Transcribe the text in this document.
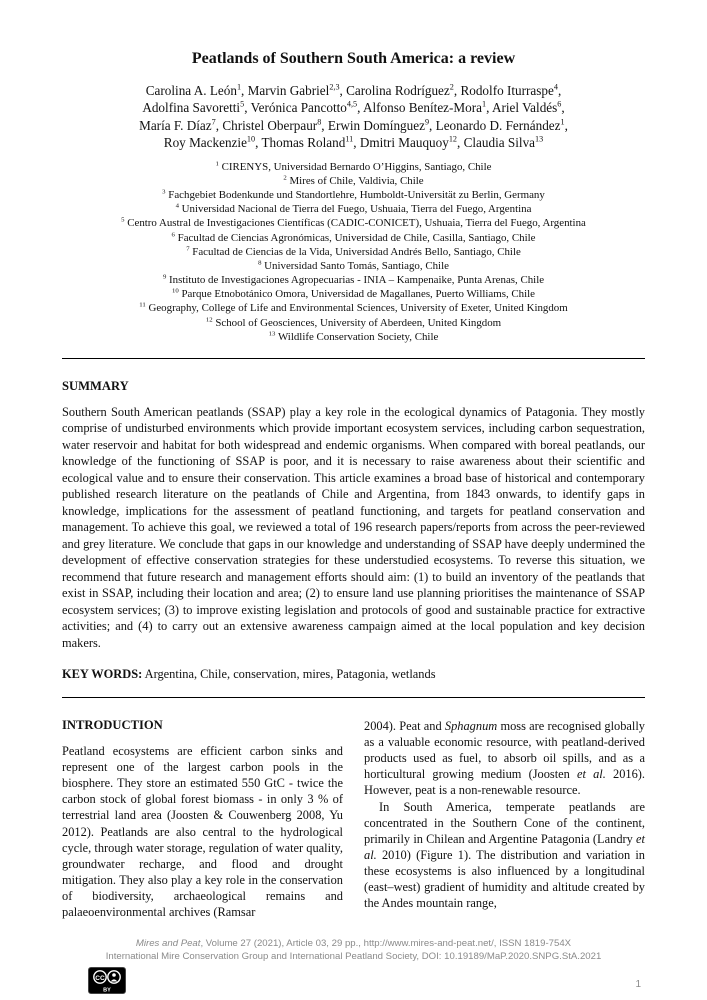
Peatlands of Southern South America: a review
Carolina A. León$^1$, Marvin Gabriel$^{2,3}$, Carolina Rodríguez$^2$, Rodolfo Iturraspe$^4$,
Adolfina Savoretti$^5$, Verónica Pancotto$^{4,5}$, Alfonso Benítez-Mora$^1$, Ariel Valdés$^6$,
María F. Díaz$^7$, Christel Oberpaur$^8$, Erwin Domínguez$^9$, Leonardo D. Fernández$^1$,
Roy Mackenzie$^{10}$, Thomas Roland$^{11}$, Dmitri Mauquoy$^{12}$, Claudia Silva$^{13}$
$^1$ CIRENYS, Universidad Bernardo O’Higgins, Santiago, Chile
$^2$ Mires of Chile, Valdivia, Chile
$^3$ Fachgebiet Bodenkunde und Standortlehre, Humboldt-Universität zu Berlin, Germany
$^4$ Universidad Nacional de Tierra del Fuego, Ushuaia, Tierra del Fuego, Argentina
$^5$ Centro Austral de Investigaciones Científicas (CADIC-CONICET), Ushuaia, Tierra del Fuego, Argentina
$^6$ Facultad de Ciencias Agronómicas, Universidad de Chile, Casilla, Santiago, Chile
$^7$ Facultad de Ciencias de la Vida, Universidad Andrés Bello, Santiago, Chile
$^8$ Universidad Santo Tomás, Santiago, Chile
$^9$ Instituto de Investigaciones Agropecuarias - INIA – Kampenaike, Punta Arenas, Chile
$^{10}$ Parque Etnobotánico Omora, Universidad de Magallanes, Puerto Williams, Chile
$^{11}$ Geography, College of Life and Environmental Sciences, University of Exeter, United Kingdom
$^{12}$ School of Geosciences, University of Aberdeen, United Kingdom
$^{13}$ Wildlife Conservation Society, Chile
SUMMARY

Southern South American peatlands (SSAP) play a key role in the ecological dynamics of Patagonia. They mostly comprise of undisturbed environments which provide important ecosystem services, including carbon sequestration, water reservoir and habitat for both widespread and endemic organisms. When compared with boreal peatlands, our knowledge of the functioning of SSAP is poor, and it is necessary to raise awareness about their scientific and ecological value and to ensure their conservation. This article examines a broad base of historical and contemporary published research literature on the peatlands of Chile and Argentina, from 1843 onwards, to identify gaps in knowledge, implications for the assessment of peatland functioning, and targets for peatland conservation and management. To achieve this goal, we reviewed a total of 196 research papers/reports from across the peer-reviewed and grey literature. We conclude that gaps in our knowledge and understanding of SSAP have deeply undermined the development of effective conservation strategies for these understudied ecosystems. To reverse this situation, we recommend that future research and management efforts should aim: (1) to build an inventory of the peatlands that exist in SSAP, including their location and area; (2) to ensure land use planning prioritises the maintenance of SSAP ecosystem services; (3) to improve existing legislation and protocols of good and sustainable practice for extractive activities; and (4) to carry out an extensive awareness campaign aimed at the local population and key decision makers.

KEY WORDS: Argentina, Chile, conservation, mires, Patagonia, wetlands

INTRODUCTION

Peatland ecosystems are efficient carbon sinks and represent one of the largest carbon pools in the biosphere. They store an estimated 550 GtC - twice the carbon stock of global forest biomass - in only 3 % of terrestrial land area (Joosten & Couwenberg 2008, Yu 2012). Peatlands are also central to the hydrological cycle, through water storage, regulation of water quality, groundwater recharge, and flood and drought mitigation. They also play a key role in the conservation of biodiversity, archaeological remains and palaeoenvironmental archives (Ramsar

2004). Peat and Sphagnum moss are recognised globally as a valuable economic resource, with peatland-derived products used as fuel, to absorb oil spills, and as a horticultural growing medium (Joosten et al. 2016). However, peat is a non-renewable resource.

In South America, temperate peatlands are concentrated in the Southern Cone of the continent, primarily in Chilean and Argentine Patagonia (Landry et al. 2010) (Figure 1). The distribution and variation in these ecosystems is also influenced by a longitudinal (east–west) gradient of humidity and altitude created by the Andes mountain range,

Mires and Peat, Volume 27 (2021), Article 03, 29 pp., http://www.mires-and-peat.net/, ISSN 1819-754X
International Mire Conservation Group and International Peatland Society, DOI: 10.19189/MaP.2020.SNPG.StA.2021
CC
BY
1
